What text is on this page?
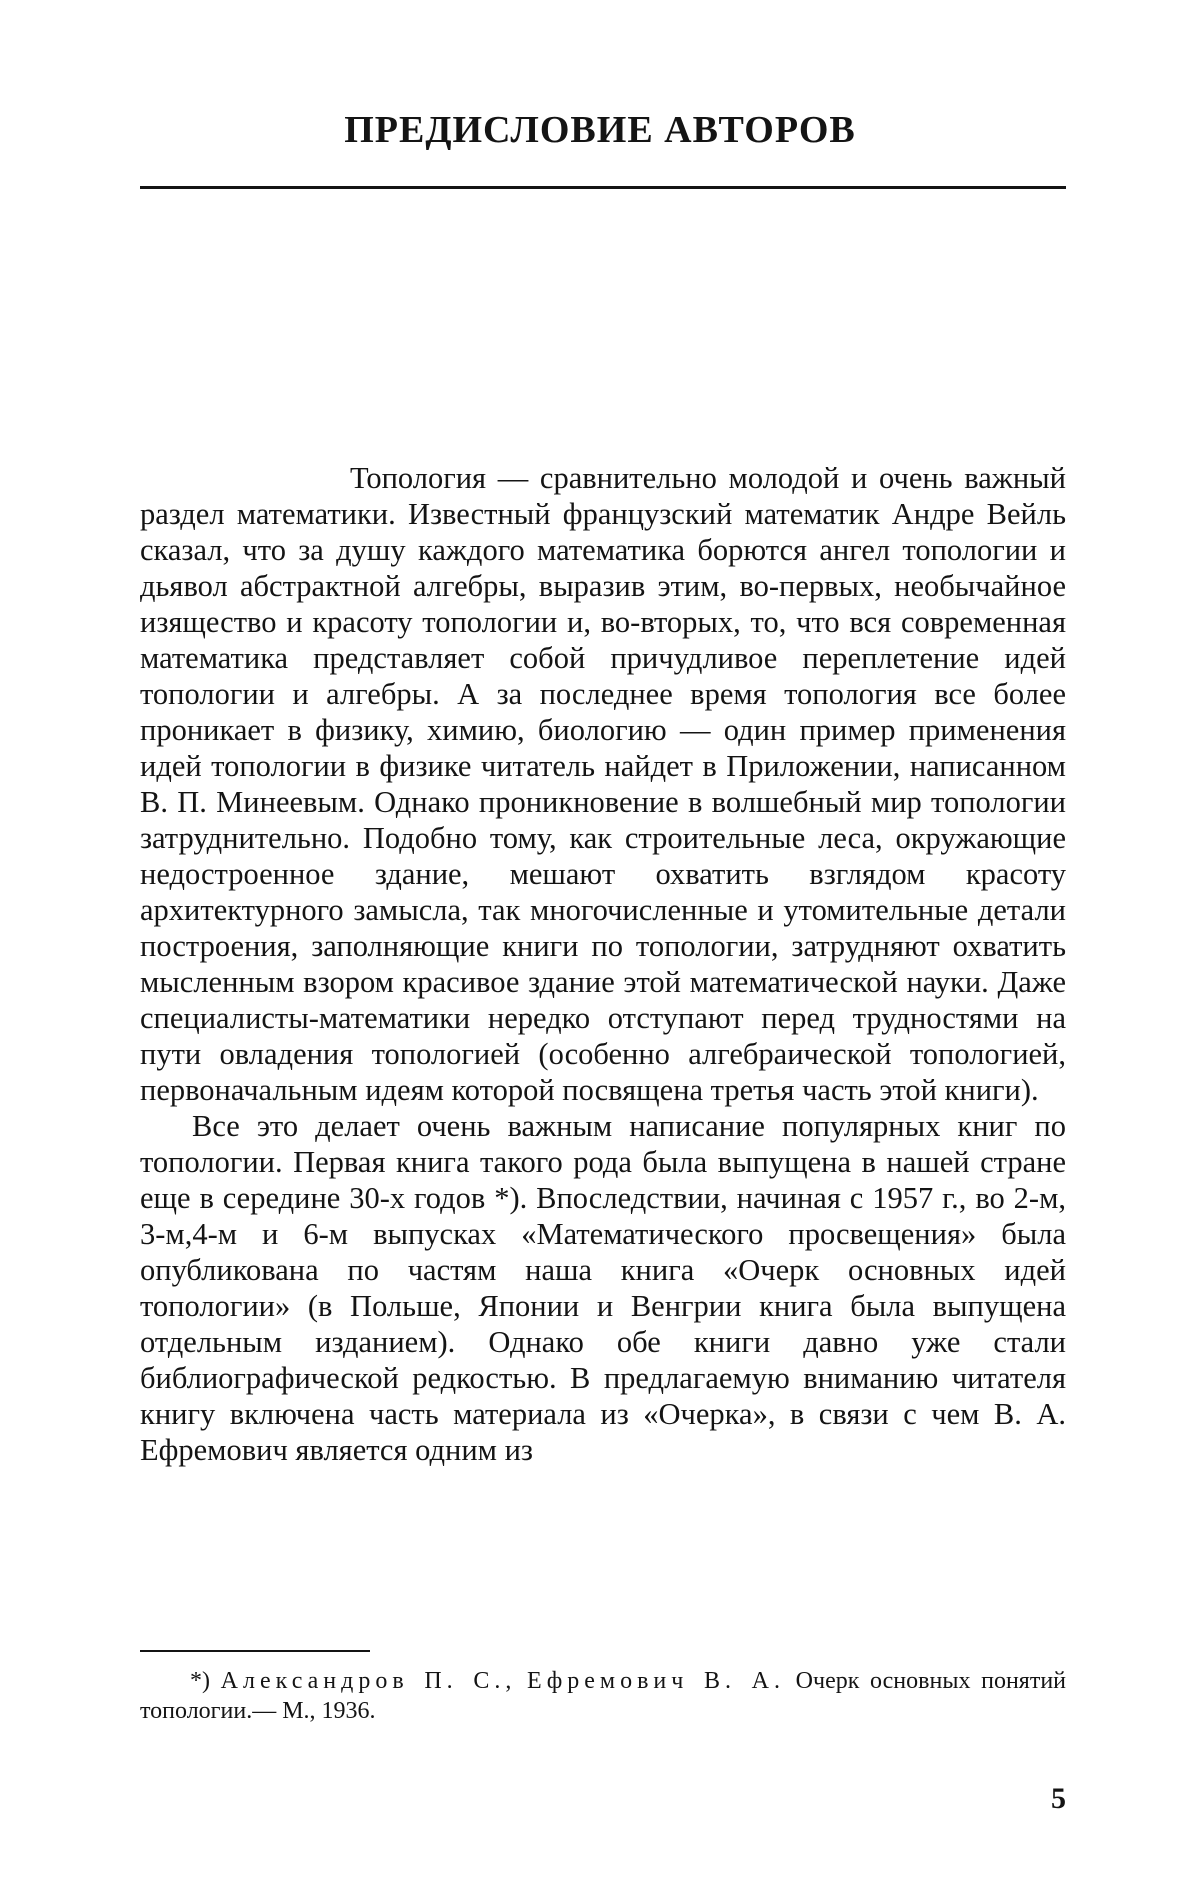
ПРЕДИСЛОВИЕ АВТОРОВ

Топология — сравнительно молодой и очень важный раздел математики. Известный французский математик Андре Вейль сказал, что за душу каждого математика борются ангел топологии и дьявол абстрактной алгебры, выразив этим, во-первых, необычайное изящество и красоту топологии и, во-вторых, то, что вся современная математика представляет собой причудливое переплетение идей топологии и алгебры. А за последнее время топология все более проникает в физику, химию, биологию — один пример применения идей топологии в физике читатель найдет в Приложении, написанном В. П. Минеевым. Однако проникновение в волшебный мир топологии затруднительно. Подобно тому, как строительные леса, окружающие недостроенное здание, мешают охватить взглядом красоту архитектурного замысла, так многочисленные и утомительные детали построения, заполняющие книги по топологии, затрудняют охватить мысленным взором красивое здание этой математической науки. Даже специалисты-математики нередко отступают перед трудностями на пути овладения топологией (особенно алгебраической топологией, первоначальным идеям которой посвящена третья часть этой книги).

Все это делает очень важным написание популярных книг по топологии. Первая книга такого рода была выпущена в нашей стране еще в середине 30-х годов *). Впоследствии, начиная с 1957 г., во 2-м, 3-м,4-м и 6-м выпусках «Математического просвещения» была опубликована по частям наша книга «Очерк основных идей топологии» (в Польше, Японии и Венгрии книга была выпущена отдельным изданием). Однако обе книги давно уже стали библиографической редкостью. В предлагаемую вниманию читателя книгу включена часть материала из «Очерка», в связи с чем В. А. Ефремович является одним из

*) Александров П. С., Ефремович В. А. Очерк основных понятий топологии.— М., 1936.

5
